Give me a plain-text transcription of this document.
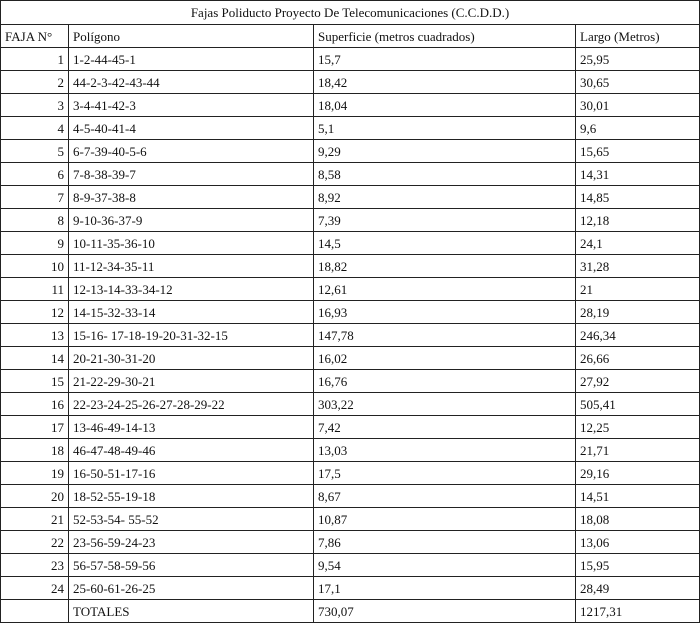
Fajas Poliducto Proyecto De Telecomunicaciones (C.C.D.D.)			
FAJA N°	Polígono	Superficie (metros cuadrados)	Largo (Metros)
1	1-2-44-45-1	15,7	25,95
2	44-2-3-42-43-44	18,42	30,65
3	3-4-41-42-3	18,04	30,01
4	4-5-40-41-4	5,1	9,6
5	6-7-39-40-5-6	9,29	15,65
6	7-8-38-39-7	8,58	14,31
7	8-9-37-38-8	8,92	14,85
8	9-10-36-37-9	7,39	12,18
9	10-11-35-36-10	14,5	24,1
10	11-12-34-35-11	18,82	31,28
11	12-13-14-33-34-12	12,61	21
12	14-15-32-33-14	16,93	28,19
13	15-16- 17-18-19-20-31-32-15	147,78	246,34
14	20-21-30-31-20	16,02	26,66
15	21-22-29-30-21	16,76	27,92
16	22-23-24-25-26-27-28-29-22	303,22	505,41
17	13-46-49-14-13	7,42	12,25
18	46-47-48-49-46	13,03	21,71
19	16-50-51-17-16	17,5	29,16
20	18-52-55-19-18	8,67	14,51
21	52-53-54- 55-52	10,87	18,08
22	23-56-59-24-23	7,86	13,06
23	56-57-58-59-56	9,54	15,95
24	25-60-61-26-25	17,1	28,49
	TOTALES	730,07	1217,31
